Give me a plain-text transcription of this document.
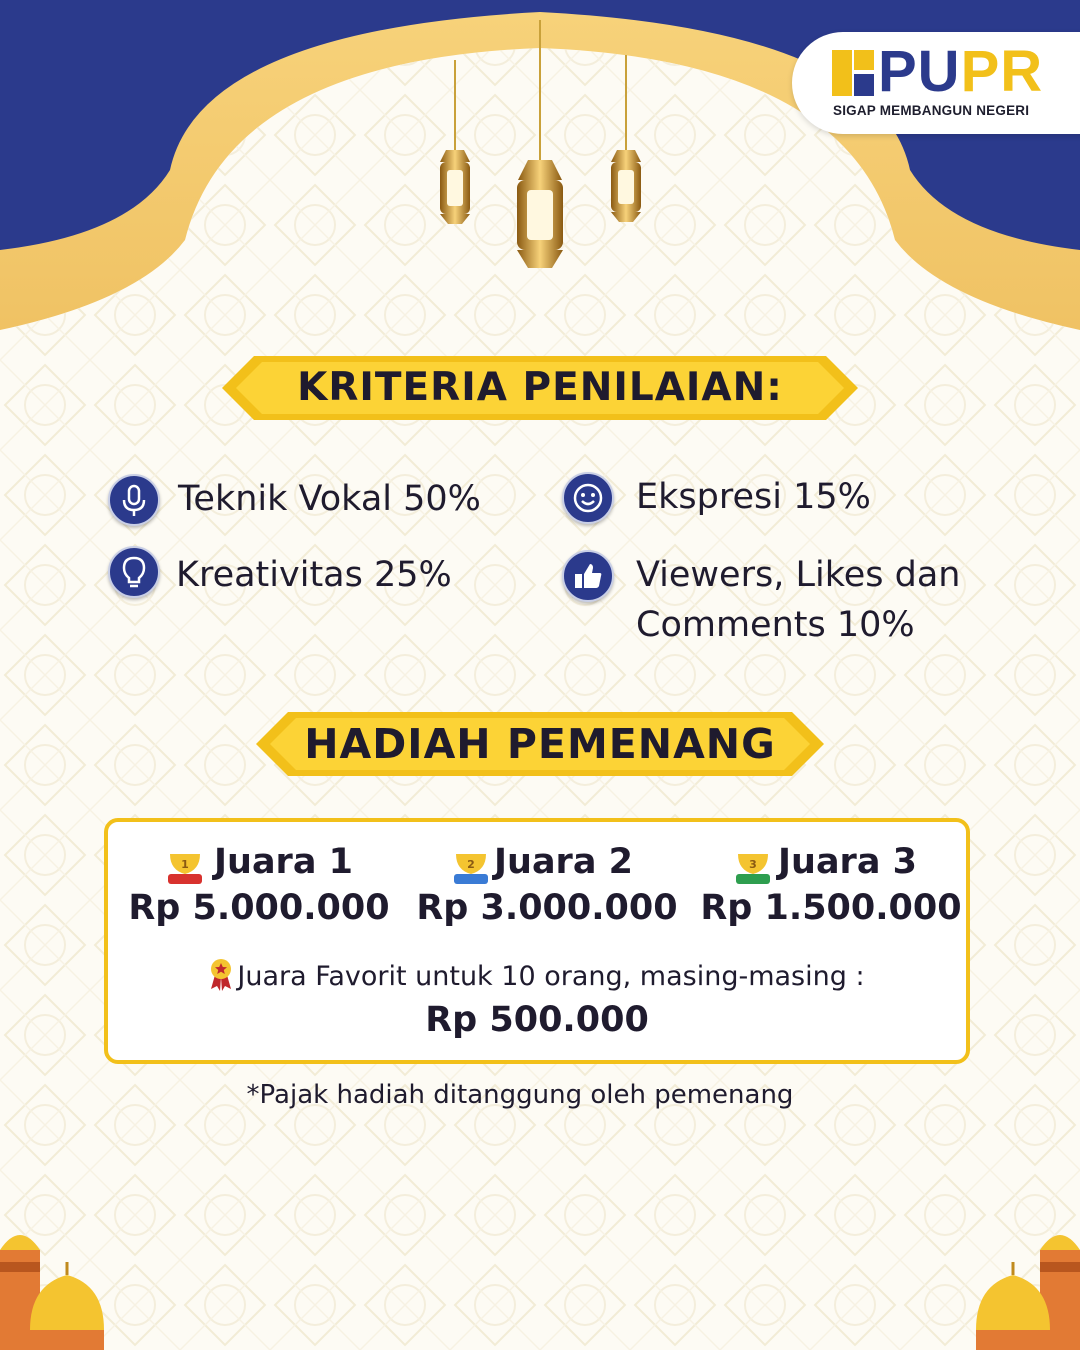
PUPR
SIGAP MEMBANGUN NEGERI
KRITERIA PENILAIAN:
Teknik Vokal 50%	Ekspresi 15%
Kreativitas 25%	Viewers, Likes dan
Comments 10%
HADIAH PEMENANG
1 Juara 1
Rp 5.000.000
2 Juara 2
Rp 3.000.000
3 Juara 3
Rp 1.500.000
Juara Favorit untuk 10 orang, masing-masing :
Rp 500.000
*Pajak hadiah ditanggung oleh pemenang
